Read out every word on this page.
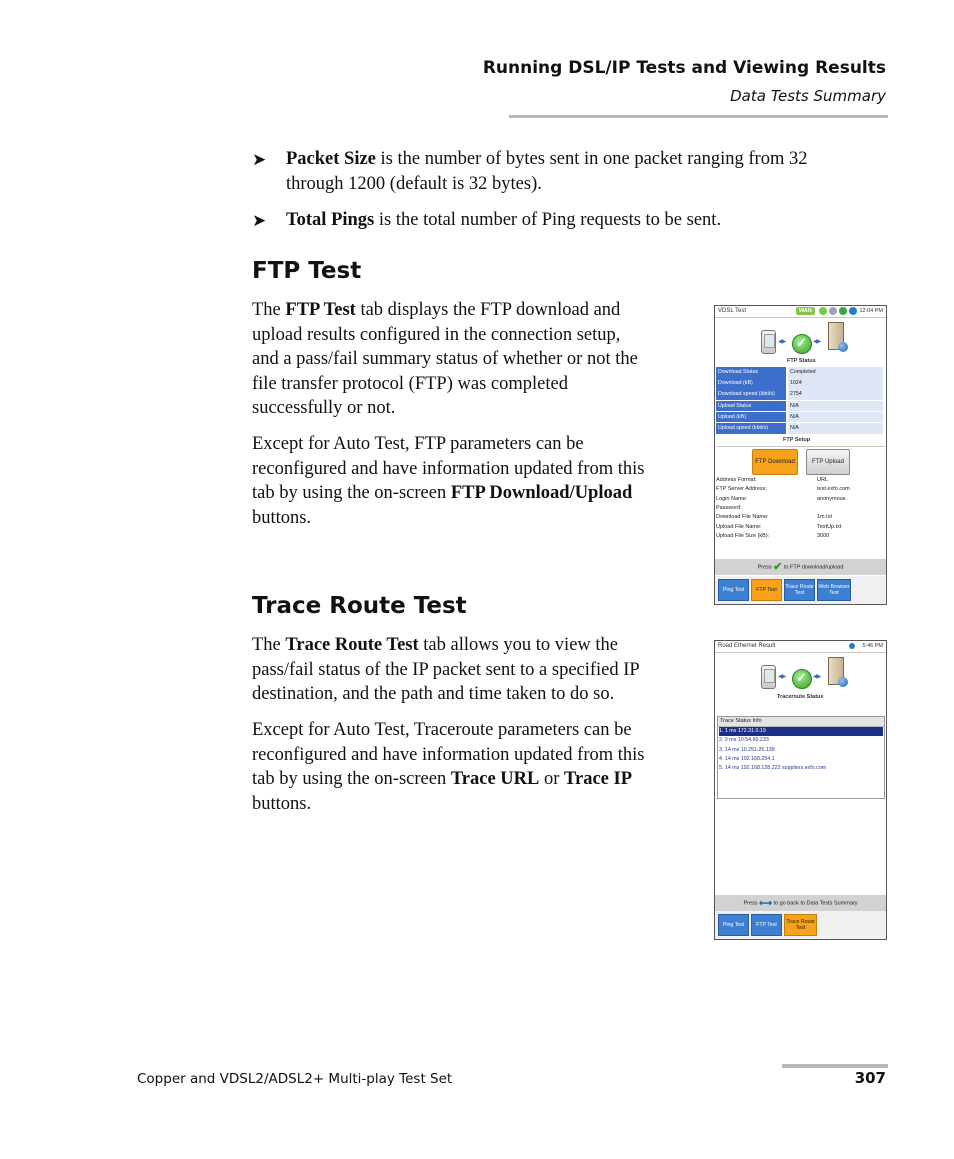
Running DSL/IP Tests and Viewing Results
Data Tests Summary
➤	Packet Size is the number of bytes sent in one packet ranging from 32
through 1200 (default is 32 bytes).
➤	Total Pings is the total number of Ping requests to be sent.
FTP Test
The FTP Test tab displays the FTP download and
upload results configured in the connection setup,
and a pass/fail summary status of whether or not the
file transfer protocol (FTP) was completed
successfully or not.
Except for Auto Test, FTP parameters can be
reconfigured and have information updated from this
tab by using the on-screen FTP Download/Upload
buttons.
VDSL Test	WAN	12:04 PM
◀▶ ✓	◀▶
FTP Status
Download Status	Completed
Download (kB)	1024
Download speed (kbit/s)	2754
Upload Status	N/A
Upload (kB)	N/A
Upload speed (kbit/s)	N/A
FTP Setup
FTP Download	FTP Upload
Address Format:	URL
FTP Server Address:	test.exfo.com
Login Name:	anonymous
Password:
Download File Name:	1m.txt
Upload File Name:	TextUp.txt
Upload File Size (kB):	3000
Press ✔ to FTP download/upload
Ping Test	FTP Test	Trace Route Test
Web Browser Test
Trace Route Test
The Trace Route Test tab allows you to view the
pass/fail status of the IP packet sent to a specified IP
destination, and the path and time taken to do so.
Except for Auto Test, Traceroute parameters can be
reconfigured and have information updated from this
tab by using the on-screen Trace URL or Trace IP
buttons.
Road Ethernet Result	5:46 PM
◀▶ ✓	◀▶
Traceroute Status
Trace Status Info
1. 1 ms 172.31.0.19
2. 2 ms 10.54.60.233
3. 14 ms 10.251.26.138
4. 14 ms 192.168.254.1
5. 14 ms 192.168.128.222 suppliers.exfo.com
Press ⟷ to go back to Data Tests Summary
Ping Test	FTP Test	Trace Route Test
Copper and VDSL2/ADSL2+ Multi-play Test Set	307
